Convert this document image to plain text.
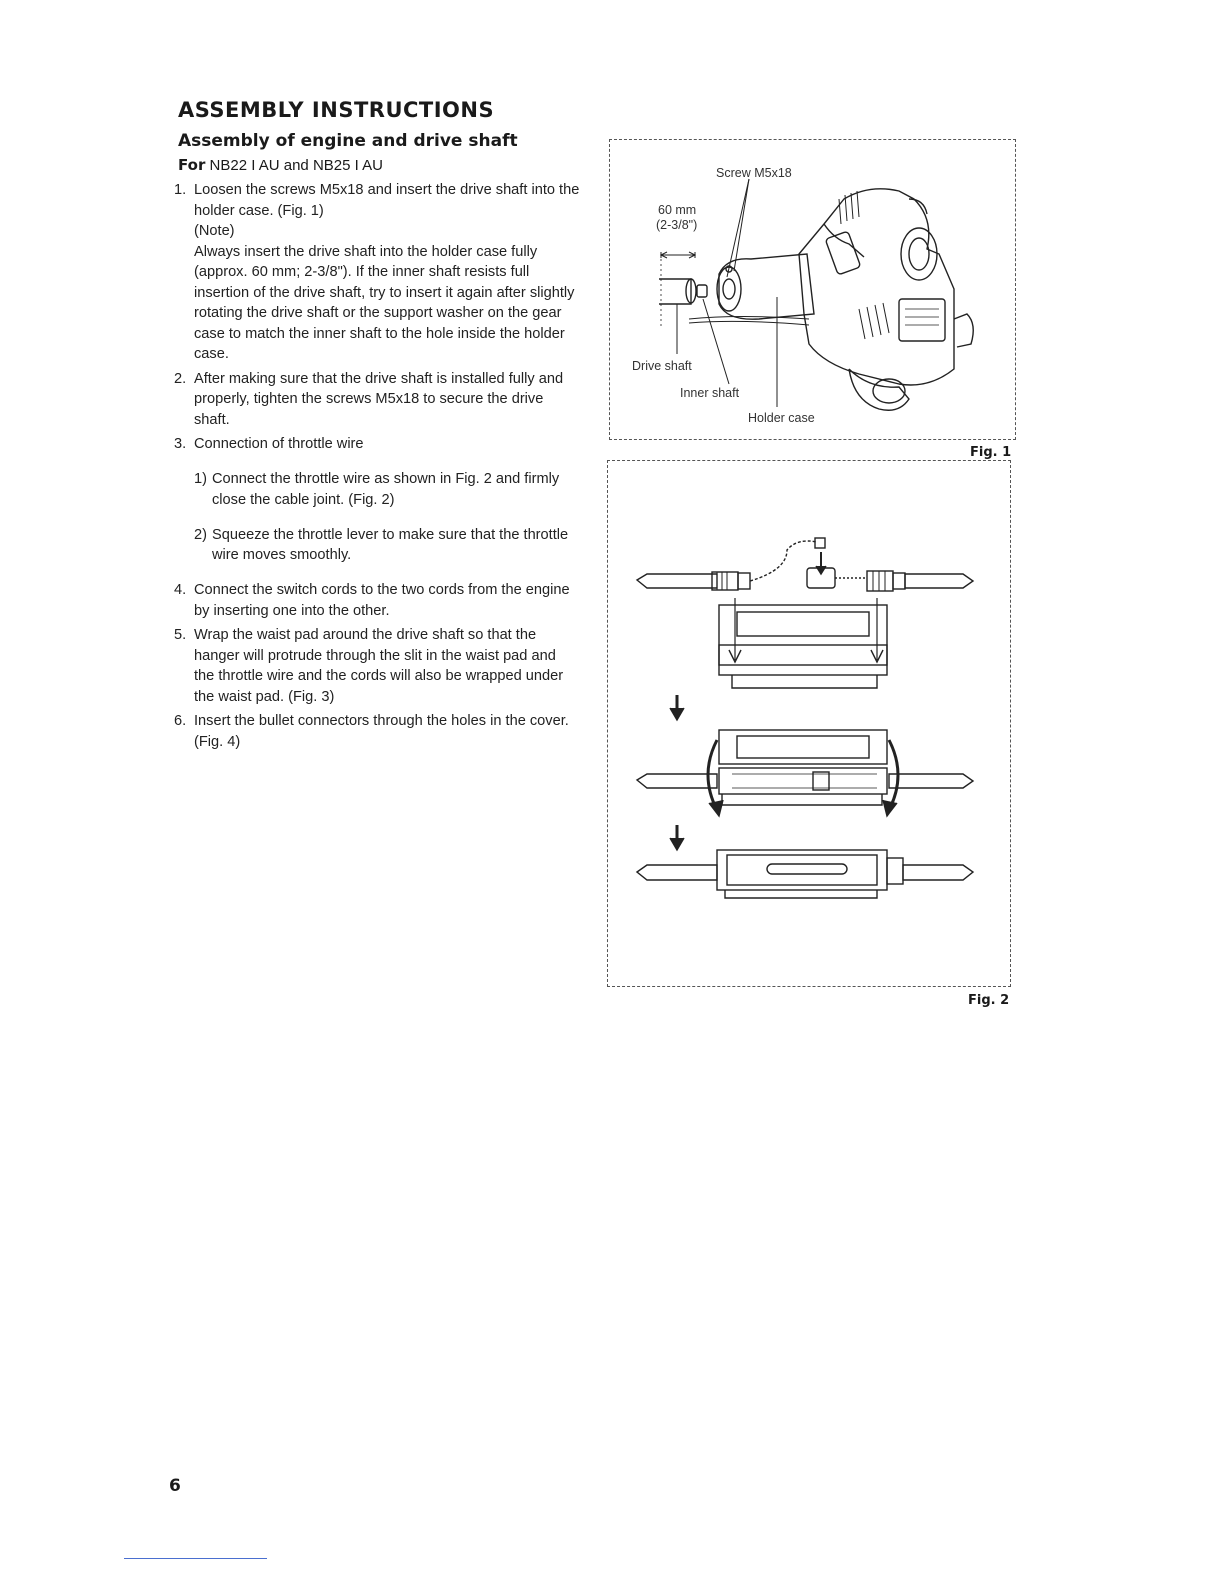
ASSEMBLY INSTRUCTIONS
Assembly of engine and drive shaft
For NB22 I AU and NB25 I AU
1. Loosen the screws M5x18 and insert the drive shaft into the holder case. (Fig. 1)

(Note)

Always insert the drive shaft into the holder case fully (approx. 60 mm; 2-3/8"). If the inner shaft resists full insertion of the drive shaft, try to insert it again after slightly rotating the drive shaft or the support washer on the gear case to match the inner shaft to the hole inside the holder case.

2. After making sure that the drive shaft is installed fully and properly, tighten the screws M5x18 to secure the drive shaft.

3. Connection of throttle wire

1) Connect the throttle wire as shown in Fig. 2 and firmly close the cable joint. (Fig. 2)

2) Squeeze the throttle lever to make sure that the throttle wire moves smoothly.

4. Connect the switch cords to the two cords from the engine by inserting one into the other.

5. Wrap the waist pad around the drive shaft so that the hanger will protrude through the slit in the waist pad and the throttle wire and the cords will also be wrapped under the waist pad. (Fig. 3)

6. Insert the bullet connectors through the holes in the cover. (Fig. 4)

Screw M5x18
60 mm
(2-3/8")
Drive shaft
Inner shaft
Holder case
Fig. 1
Fig. 2
6
